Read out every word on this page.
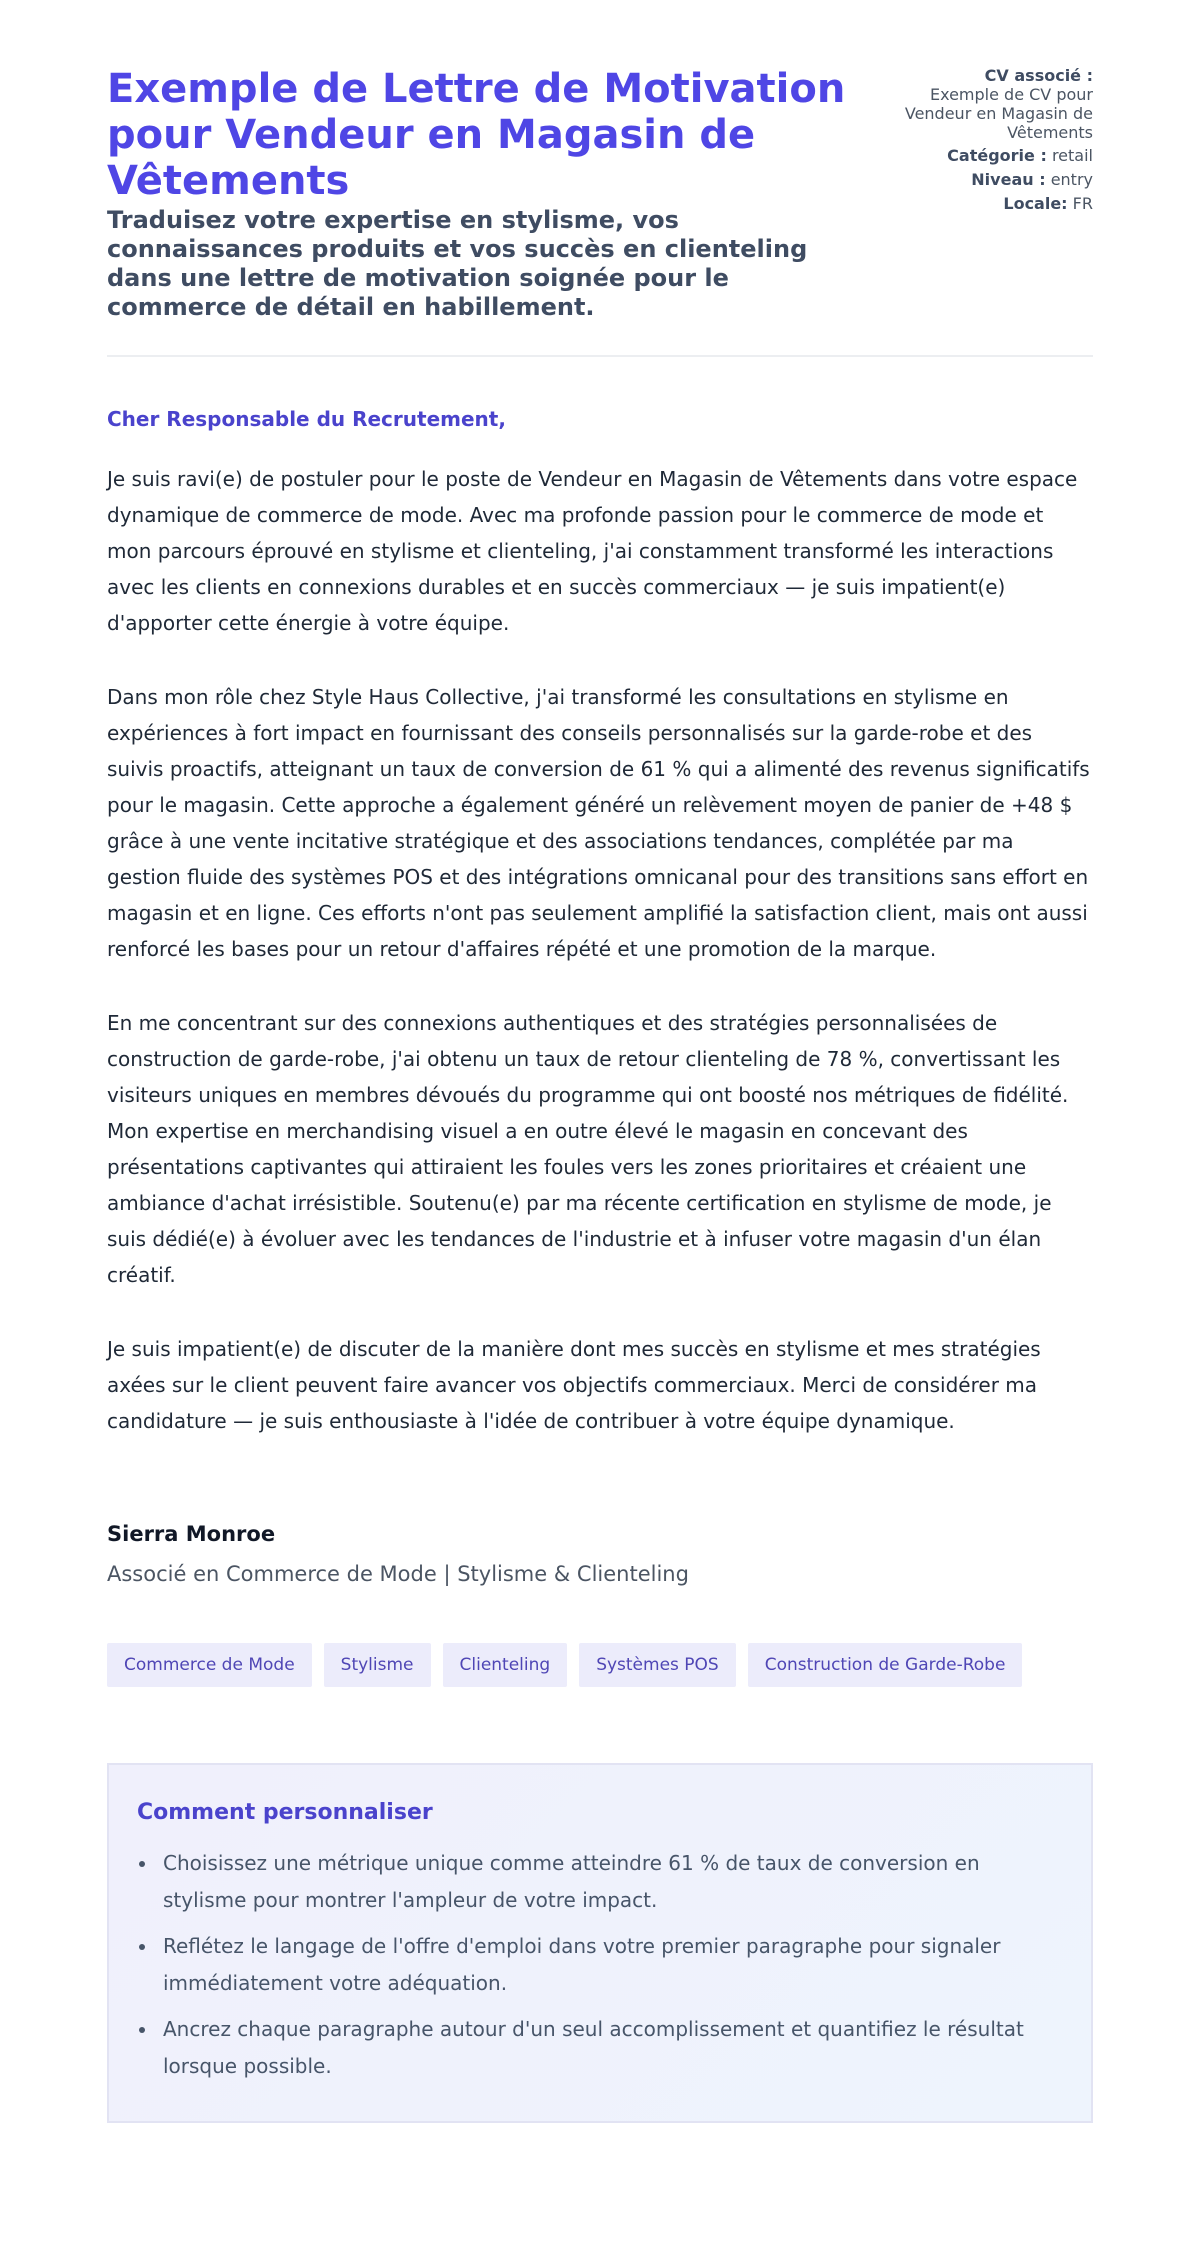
Exemple de Lettre de Motivation pour Vendeur en Magasin de Vêtements
Traduisez votre expertise en stylisme, vos connaissances produits et vos succès en clienteling dans une lettre de motivation soignée pour le commerce de détail en habillement.
CV associé :
Exemple de CV pour Vendeur en Magasin de Vêtements
Catégorie : retail
Niveau : entry
Locale: FR

Cher Responsable du Recrutement,

Je suis ravi(e) de postuler pour le poste de Vendeur en Magasin de Vêtements dans votre espace dynamique de commerce de mode. Avec ma profonde passion pour le commerce de mode et mon parcours éprouvé en stylisme et clienteling, j'ai constamment transformé les interactions avec les clients en connexions durables et en succès commerciaux — je suis impatient(e) d'apporter cette énergie à votre équipe.

Dans mon rôle chez Style Haus Collective, j'ai transformé les consultations en stylisme en expériences à fort impact en fournissant des conseils personnalisés sur la garde-robe et des suivis proactifs, atteignant un taux de conversion de 61 % qui a alimenté des revenus significatifs pour le magasin. Cette approche a également généré un relèvement moyen de panier de +48 $ grâce à une vente incitative stratégique et des associations tendances, complétée par ma gestion fluide des systèmes POS et des intégrations omnicanal pour des transitions sans effort en magasin et en ligne. Ces efforts n'ont pas seulement amplifié la satisfaction client, mais ont aussi renforcé les bases pour un retour d'affaires répété et une promotion de la marque.

En me concentrant sur des connexions authentiques et des stratégies personnalisées de construction de garde-robe, j'ai obtenu un taux de retour clienteling de 78 %, convertissant les visiteurs uniques en membres dévoués du programme qui ont boosté nos métriques de fidélité. Mon expertise en merchandising visuel a en outre élevé le magasin en concevant des présentations captivantes qui attiraient les foules vers les zones prioritaires et créaient une ambiance d'achat irrésistible. Soutenu(e) par ma récente certification en stylisme de mode, je suis dédié(e) à évoluer avec les tendances de l'industrie et à infuser votre magasin d'un élan créatif.

Je suis impatient(e) de discuter de la manière dont mes succès en stylisme et mes stratégies axées sur le client peuvent faire avancer vos objectifs commerciaux. Merci de considérer ma candidature — je suis enthousiaste à l'idée de contribuer à votre équipe dynamique.

Sierra Monroe

Associé en Commerce de Mode | Stylisme & Clienteling

Commerce de Mode	Stylisme	Clienteling	Systèmes POS	Construction de Garde-Robe
Comment personnaliser
Choisissez une métrique unique comme atteindre 61 % de taux de conversion en stylisme pour montrer l'ampleur de votre impact.
Reflétez le langage de l'offre d'emploi dans votre premier paragraphe pour signaler immédiatement votre adéquation.
Ancrez chaque paragraphe autour d'un seul accomplissement et quantifiez le résultat lorsque possible.
